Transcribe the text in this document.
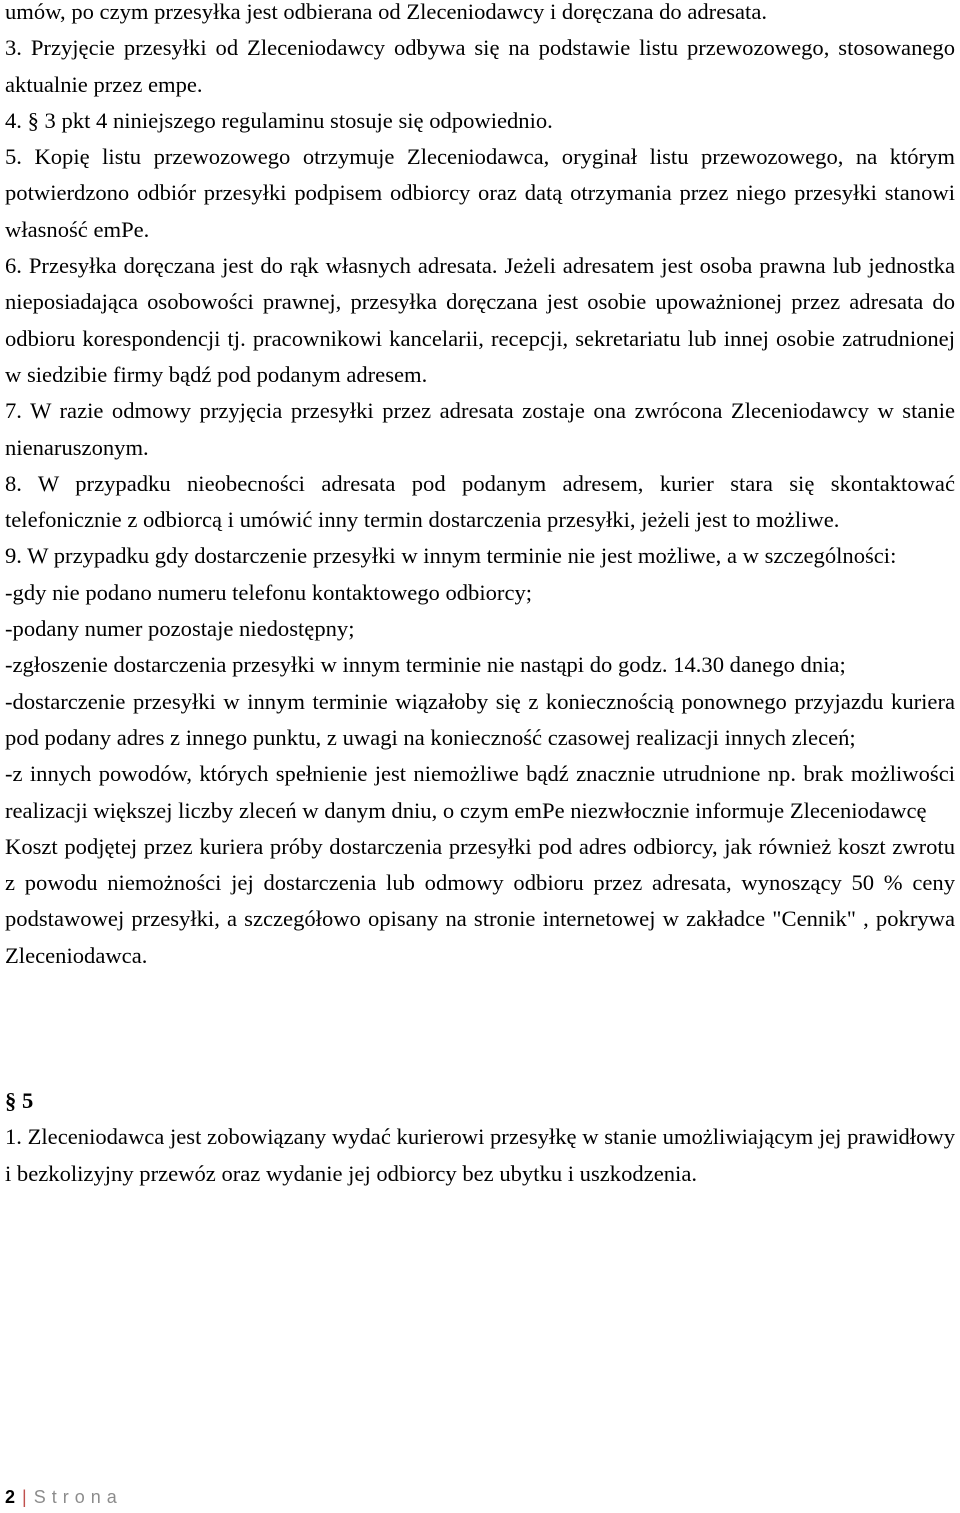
umów, po czym przesyłka jest odbierana od Zleceniodawcy i doręczana do adresata.

3. Przyjęcie przesyłki od Zleceniodawcy odbywa się na podstawie listu przewozowego, stosowanego aktualnie przez empe.

4. § 3 pkt 4 niniejszego regulaminu stosuje się odpowiednio.

5. Kopię listu przewozowego otrzymuje Zleceniodawca, oryginał listu przewozowego, na którym potwierdzono odbiór przesyłki podpisem odbiorcy oraz datą otrzymania przez niego przesyłki stanowi własność emPe.

6. Przesyłka doręczana jest do rąk własnych adresata. Jeżeli adresatem jest osoba prawna lub jednostka nieposiadająca osobowości prawnej, przesyłka doręczana jest osobie upoważnionej przez adresata do odbioru korespondencji tj. pracownikowi kancelarii, recepcji, sekretariatu lub innej osobie zatrudnionej w siedzibie firmy bądź pod podanym adresem.

7. W razie odmowy przyjęcia przesyłki przez adresata zostaje ona zwrócona Zleceniodawcy w stanie nienaruszonym.

8. W przypadku nieobecności adresata pod podanym adresem, kurier stara się skontaktować telefonicznie z odbiorcą i umówić inny termin dostarczenia przesyłki, jeżeli jest to możliwe.

9. W przypadku gdy dostarczenie przesyłki w innym terminie nie jest możliwe, a w szczególności:

-gdy nie podano numeru telefonu kontaktowego odbiorcy;

-podany numer pozostaje niedostępny;

-zgłoszenie dostarczenia przesyłki w innym terminie nie nastąpi do godz. 14.30 danego dnia;

-dostarczenie przesyłki w innym terminie wiązałoby się z koniecznością ponownego przyjazdu kuriera pod podany adres z innego punktu, z uwagi na konieczność czasowej realizacji innych zleceń;

-z innych powodów, których spełnienie jest niemożliwe bądź znacznie utrudnione np. brak możliwości realizacji większej liczby zleceń w danym dniu, o czym emPe niezwłocznie informuje Zleceniodawcę

Koszt podjętej przez kuriera próby dostarczenia przesyłki pod adres odbiorcy, jak również koszt zwrotu z powodu niemożności jej dostarczenia lub odmowy odbioru przez adresata, wynoszący 50 % ceny podstawowej przesyłki, a szczegółowo opisany na stronie internetowej w zakładce "Cennik" , pokrywa Zleceniodawca.

§ 5

1. Zleceniodawca jest zobowiązany wydać kurierowi przesyłkę w stanie umożliwiającym jej prawidłowy i bezkolizyjny przewóz oraz wydanie jej odbiorcy bez ubytku i uszkodzenia.

2 | Strona
